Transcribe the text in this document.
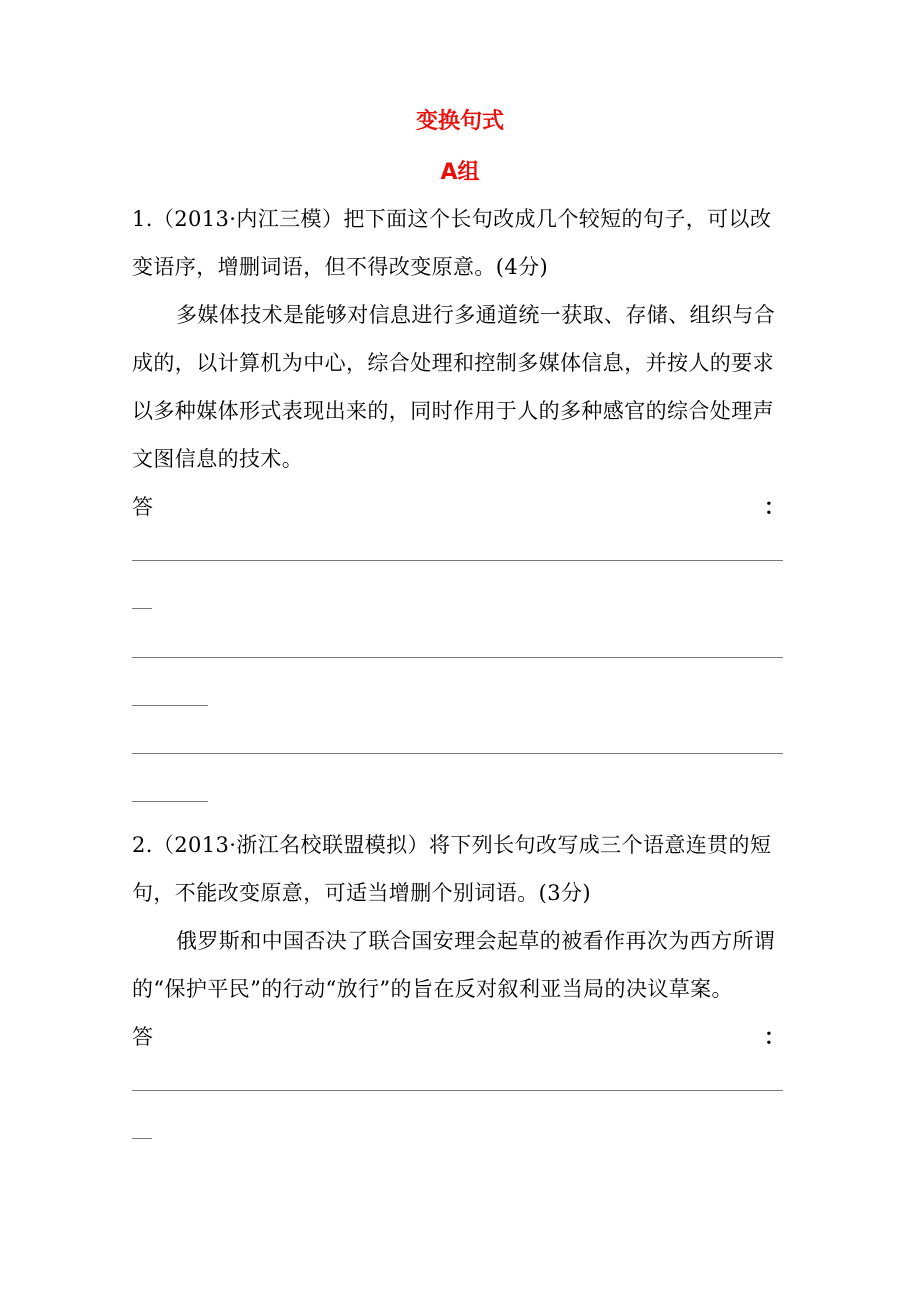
变换句式
A组
1.（2013·内江三模）把下面这个长句改成几个较短的句子，可以改
变语序，增删词语，但不得改变原意。(4分)
多媒体技术是能够对信息进行多通道统一获取、存储、组织与合
成的，以计算机为中心，综合处理和控制多媒体信息，并按人的要求
以多种媒体形式表现出来的，同时作用于人的多种感官的综合处理声
文图信息的技术。
答	：
2.（2013·浙江名校联盟模拟）将下列长句改写成三个语意连贯的短
句，不能改变原意，可适当增删个别词语。(3分)
俄罗斯和中国否决了联合国安理会起草的被看作再次为西方所谓
的“保护平民”的行动“放行”的旨在反对叙利亚当局的决议草案。
答	：
